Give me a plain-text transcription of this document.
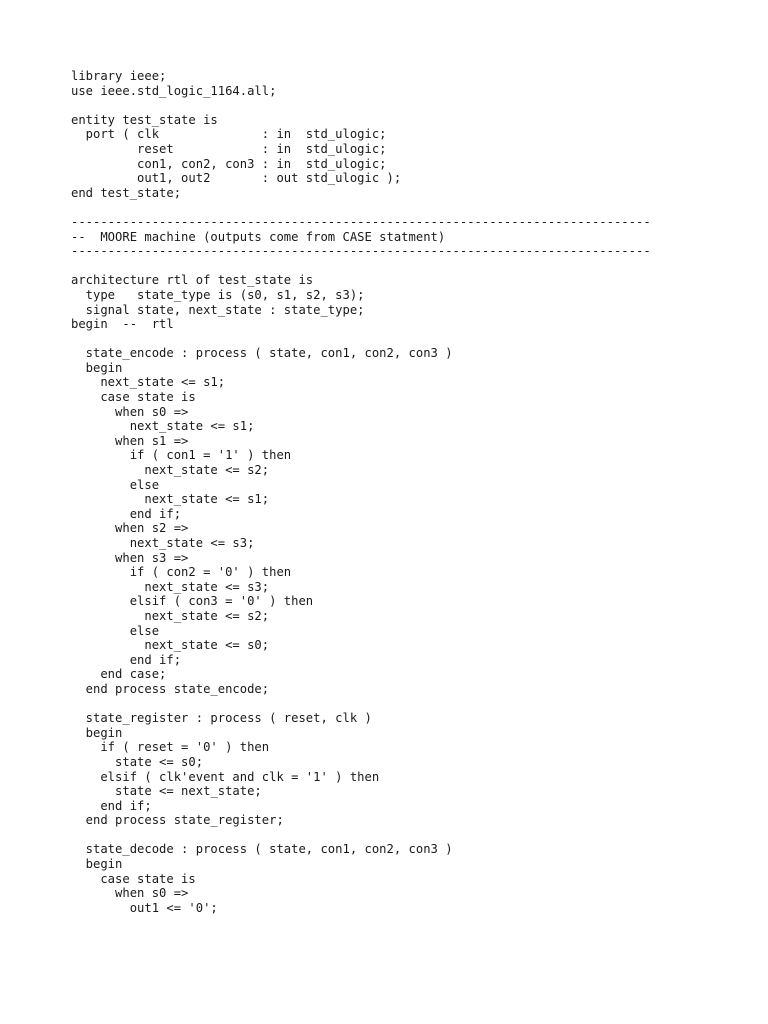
library ieee;
use ieee.std_logic_1164.all;
entity test_state is
port ( clk              : in  std_ulogic;
reset            : in  std_ulogic;
con1, con2, con3 : in  std_ulogic;
out1, out2       : out std_ulogic );
end test_state;
-------------------------------------------------------------------------------
--  MOORE machine (outputs come from CASE statment)
-------------------------------------------------------------------------------
architecture rtl of test_state is
type   state_type is (s0, s1, s2, s3);
signal state, next_state : state_type;
begin  --  rtl
state_encode : process ( state, con1, con2, con3 )
begin
next_state <= s1;
case state is
when s0 =>
next_state <= s1;
when s1 =>
if ( con1 = '1' ) then
next_state <= s2;
else
next_state <= s1;
end if;
when s2 =>
next_state <= s3;
when s3 =>
if ( con2 = '0' ) then
next_state <= s3;
elsif ( con3 = '0' ) then
next_state <= s2;
else
next_state <= s0;
end if;
end case;
end process state_encode;
state_register : process ( reset, clk )
begin
if ( reset = '0' ) then
state <= s0;
elsif ( clk'event and clk = '1' ) then
state <= next_state;
end if;
end process state_register;
state_decode : process ( state, con1, con2, con3 )
begin
case state is
when s0 =>
out1 <= '0';
